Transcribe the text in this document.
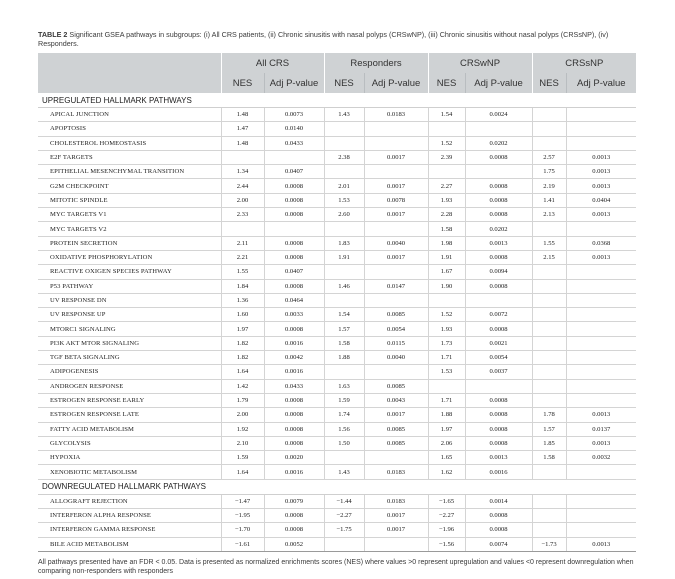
TABLE 2 Significant GSEA pathways in subgroups: (i) All CRS patients, (ii) Chronic sinusitis with nasal polyps (CRSwNP), (iii) Chronic sinusitis without nasal polyps (CRSsNP), (iv) Responders.
	All CRS		Responders		CRSwNP		CRSsNP	
	NES	Adj P-value	NES	Adj P-value	NES	Adj P-value	NES	Adj P-value
UPREGULATED HALLMARK PATHWAYS								
APICAL JUNCTION	1.48	0.0073	1.43	0.0183	1.54	0.0024		
APOPTOSIS	1.47	0.0140						
CHOLESTEROL HOMEOSTASIS	1.48	0.0433			1.52	0.0202		
E2F TARGETS			2.38	0.0017	2.39	0.0008	2.57	0.0013
EPITHELIAL MESENCHYMAL TRANSITION	1.34	0.0407					1.75	0.0013
G2M CHECKPOINT	2.44	0.0008	2.01	0.0017	2.27	0.0008	2.19	0.0013
MITOTIC SPINDLE	2.00	0.0008	1.53	0.0078	1.93	0.0008	1.41	0.0404
MYC TARGETS V1	2.33	0.0008	2.60	0.0017	2.28	0.0008	2.13	0.0013
MYC TARGETS V2					1.58	0.0202		
PROTEIN SECRETION	2.11	0.0008	1.83	0.0040	1.98	0.0013	1.55	0.0368
OXIDATIVE PHOSPHORYLATION	2.21	0.0008	1.91	0.0017	1.91	0.0008	2.15	0.0013
REACTIVE OXIGEN SPECIES PATHWAY	1.55	0.0407			1.67	0.0094		
P53 PATHWAY	1.84	0.0008	1.46	0.0147	1.90	0.0008		
UV RESPONSE DN	1.36	0.0464						
UV RESPONSE UP	1.60	0.0033	1.54	0.0085	1.52	0.0072		
MTORC1 SIGNALING	1.97	0.0008	1.57	0.0054	1.93	0.0008		
PI3K AKT MTOR SIGNALING	1.82	0.0016	1.58	0.0115	1.73	0.0021		
TGF BETA SIGNALING	1.82	0.0042	1.88	0.0040	1.71	0.0054		
ADIPOGENESIS	1.64	0.0016			1.53	0.0037		
ANDROGEN RESPONSE	1.42	0.0433	1.63	0.0085				
ESTROGEN RESPONSE EARLY	1.79	0.0008	1.59	0.0043	1.71	0.0008		
ESTROGEN RESPONSE LATE	2.00	0.0008	1.74	0.0017	1.88	0.0008	1.78	0.0013
FATTY ACID METABOLISM	1.92	0.0008	1.56	0.0085	1.97	0.0008	1.57	0.0137
GLYCOLYSIS	2.10	0.0008	1.50	0.0085	2.06	0.0008	1.85	0.0013
HYPOXIA	1.59	0.0020			1.65	0.0013	1.58	0.0032
XENOBIOTIC METABOLISM	1.64	0.0016	1.43	0.0183	1.62	0.0016		
DOWNREGULATED HALLMARK PATHWAYS								
ALLOGRAFT REJECTION	−1.47	0.0079	−1.44	0.0183	−1.65	0.0014		
INTERFERON ALPHA RESPONSE	−1.95	0.0008	−2.27	0.0017	−2.27	0.0008		
INTERFERON GAMMA RESPONSE	−1.70	0.0008	−1.75	0.0017	−1.96	0.0008		
BILE ACID METABOLISM	−1.61	0.0052			−1.56	0.0074	−1.73	0.0013
All pathways presented have an FDR < 0.05. Data is presented as normalized enrichments scores (NES) where values >0 represent upregulation and values <0 represent downregulation when comparing non-responders with responders
